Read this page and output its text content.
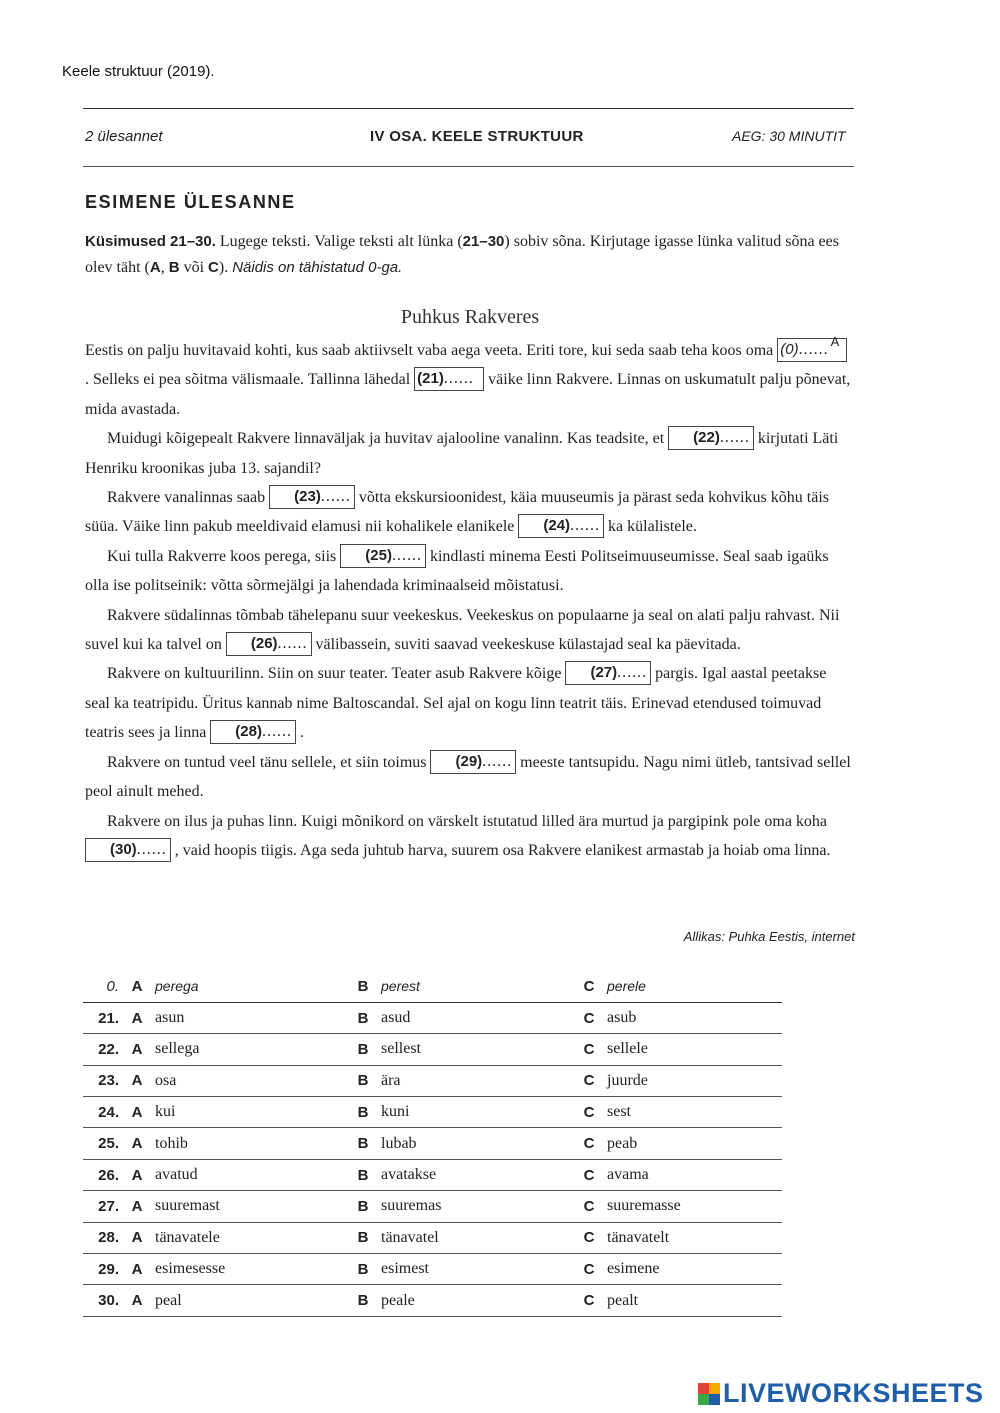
Keele struktuur (2019).
2 ülesannet	IV OSA. KEELE STRUKTUUR	AEG: 30 MINUTIT
ESIMENE ÜLESANNE
Küsimused 21–30. Lugege teksti. Valige teksti alt lünka (21–30) sobiv sõna. Kirjutage igasse lünka valitud sõna ees olev täht (A, B või C). Näidis on tähistatud 0-ga.
Puhkus Rakveres

Eestis on palju huvitavaid kohti, kus saab aktiivselt vaba aega veeta. Eriti tore, kui seda saab teha koos oma (0)...... $^A$ . Selleks ei pea sõitma välismaale. Tallinna lähedal (21)...... väike linn Rakvere. Linnas on uskumatult palju põnevat, mida avastada.

Muidugi kõigepealt Rakvere linnaväljak ja huvitav ajalooline vanalinn. Kas teadsite, et (22)...... kirjutati Läti Henriku kroonikas juba 13. sajandil?

Rakvere vanalinnas saab (23)...... võtta ekskursioonidest, käia muuseumis ja pärast seda kohvikus kõhu täis süüa. Väike linn pakub meeldivaid elamusi nii kohalikele elanikele (24)...... ka külalistele.

Kui tulla Rakverre koos perega, siis (25)...... kindlasti minema Eesti Politseimuuseumisse. Seal saab igaüks olla ise politseinik: võtta sõrmejälgi ja lahendada kriminaalseid mõistatusi.

Rakvere südalinnas tõmbab tähelepanu suur veekeskus. Veekeskus on populaarne ja seal on alati palju rahvast. Nii suvel kui ka talvel on (26)...... välibassein, suviti saavad veekeskuse külastajad seal ka päevitada.

Rakvere on kultuurilinn. Siin on suur teater. Teater asub Rakvere kõige (27)...... pargis. Igal aastal peetakse seal ka teatripidu. Üritus kannab nime Baltoscandal. Sel ajal on kogu linn teatrit täis. Erinevad etendused toimuvad teatris sees ja linna (28)...... .

Rakvere on tuntud veel tänu sellele, et siin toimus (29)...... meeste tantsupidu. Nagu nimi ütleb, tantsivad sellel peol ainult mehed.

Rakvere on ilus ja puhas linn. Kuigi mõnikord on värskelt istutatud lilled ära murtud ja pargipink pole oma koha (30)...... , vaid hoopis tiigis. Aga seda juhtub harva, suurem osa Rakvere elanikest armastab ja hoiab oma linna.

Allikas: Puhka Eestis, internet
0.	A	perega	B	perest	C	perele
21.	A	asun	B	asud	C	asub
22.	A	sellega	B	sellest	C	sellele
23.	A	osa	B	ära	C	juurde
24.	A	kui	B	kuni	C	sest
25.	A	tohib	B	lubab	C	peab
26.	A	avatud	B	avatakse	C	avama
27.	A	suuremast	B	suuremas	C	suuremasse
28.	A	tänavatele	B	tänavatel	C	tänavatelt
29.	A	esimesesse	B	esimest	C	esimene
30.	A	peal	B	peale	C	pealt
LIVEWORKSHEETS
